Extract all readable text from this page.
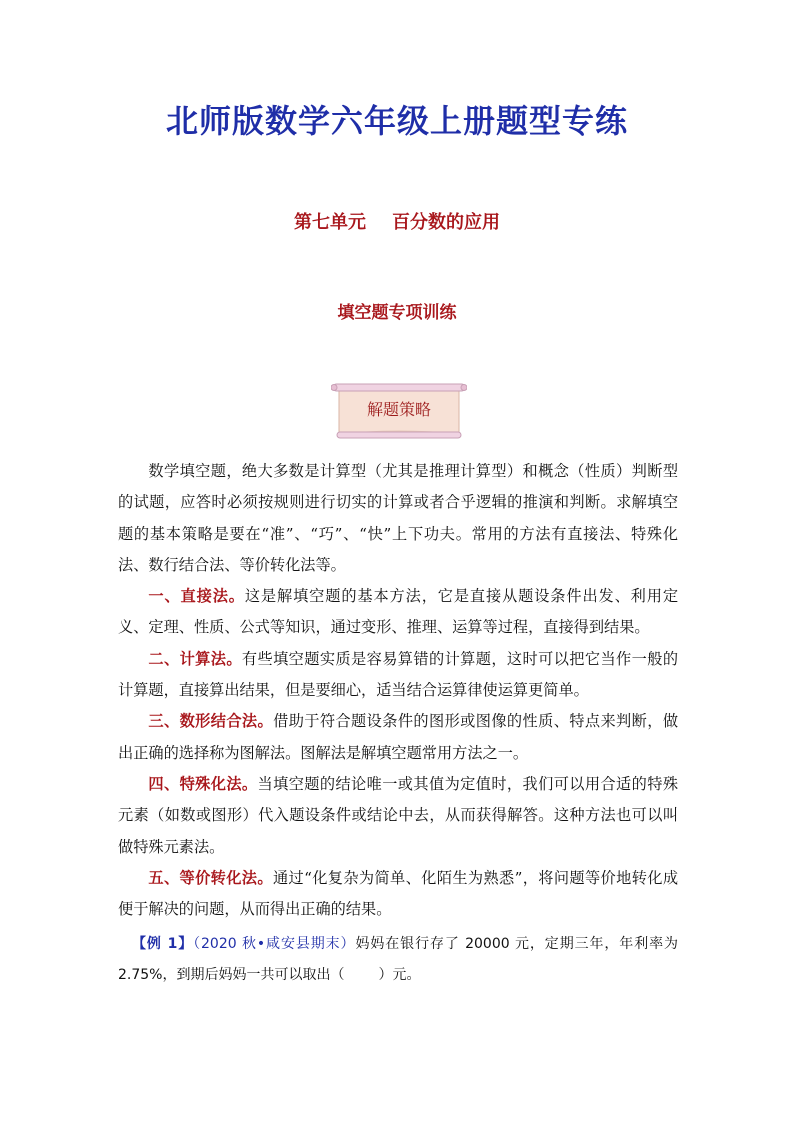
北师版数学六年级上册题型专练
第七单元 百分数的应用
填空题专项训练
解题策略

数学填空题，绝大多数是计算型（尤其是推理计算型）和概念（性质）判断型的试题，应答时必须按规则进行切实的计算或者合乎逻辑的推演和判断。求解填空题的基本策略是要在“准”、“巧”、“快”上下功夫。常用的方法有直接法、特殊化法、数行结合法、等价转化法等。

一、直接法。这是解填空题的基本方法，它是直接从题设条件出发、利用定义、定理、性质、公式等知识，通过变形、推理、运算等过程，直接得到结果。

二、计算法。有些填空题实质是容易算错的计算题，这时可以把它当作一般的计算题，直接算出结果，但是要细心，适当结合运算律使运算更简单。

三、数形结合法。借助于符合题设条件的图形或图像的性质、特点来判断，做出正确的选择称为图解法。图解法是解填空题常用方法之一。

四、特殊化法。当填空题的结论唯一或其值为定值时，我们可以用合适的特殊元素（如数或图形）代入题设条件或结论中去，从而获得解答。这种方法也可以叫做特殊元素法。

五、等价转化法。通过“化复杂为简单、化陌生为熟悉”，将问题等价地转化成便于解决的问题，从而得出正确的结果。

【例 1】（2020 秋•咸安县期末）妈妈在银行存了 20000 元，定期三年，年利率为 2.75%，到期后妈妈一共可以取出（ ）元。
